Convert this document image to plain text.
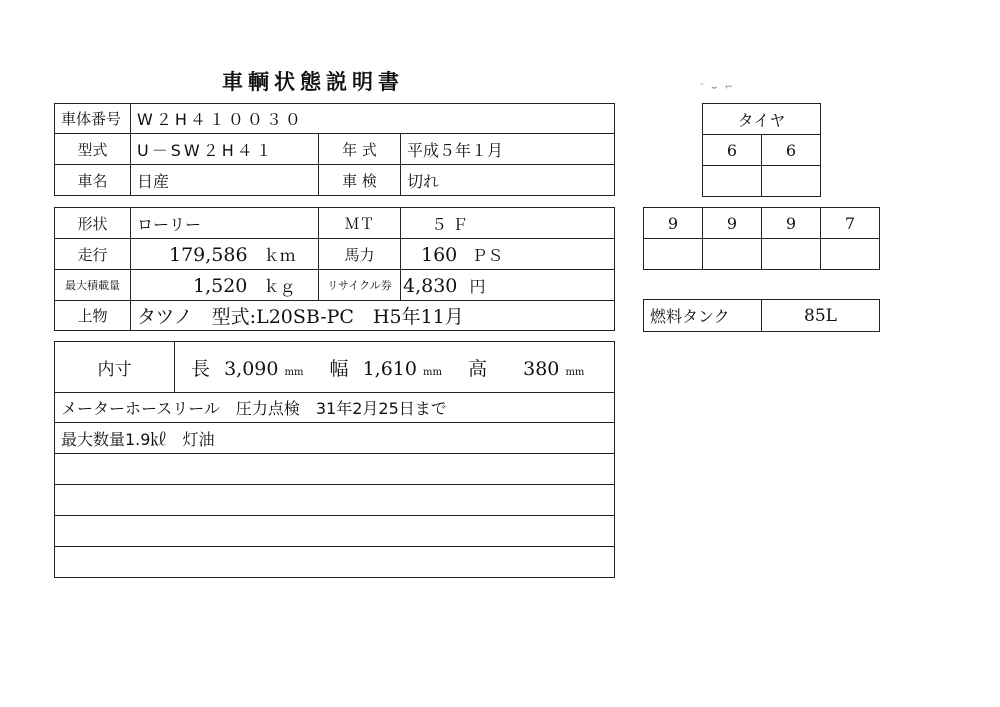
車輌状態説明書	ᵔ ⌣ ⌐
車体番号	W２H４１００３０		
型式	U－SW２H４１	年 式	平成５年１月
車名	日産	車 検	切れ
形状	ローリー	ＭＴ	５ Ｆ
走行	179,586 ｋｍ	馬力	160 ＰＳ
最大積載量	1,520 ｋｇ	リサイクル券	4,830 円
上物	タツノ　型式:L20SB-PC　H5年11月		
内寸	長 3,090 mm 幅 1,610 mm 高 380 mm
メーターホースリール　圧力点検　31年2月25日まで
最大数量1.9㎘　灯油

タイヤ	
6	6

9	9	9	7

燃料タンク	85L
